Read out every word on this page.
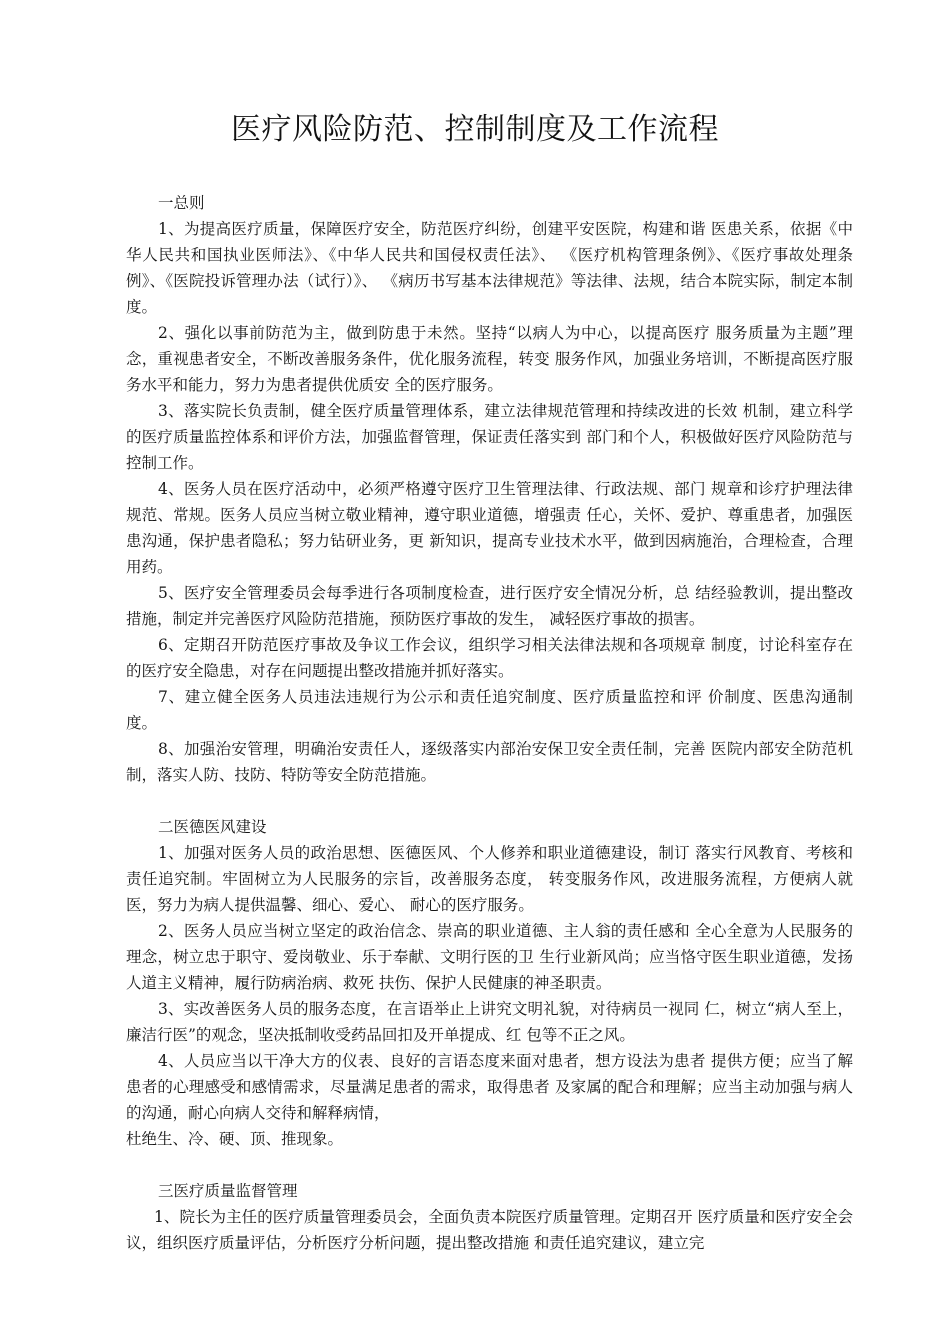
医疗风险防范、控制制度及工作流程

一总则

1、为提高医疗质量，保障医疗安全，防范医疗纠纷，创建平安医院，构建和谐 医患关系，依据《中华人民共和国执业医师法》、《中华人民共和国侵权责任法》、 《医疗机构管理条例》、《医疗事故处理条例》、《医院投诉管理办法（试行）》、 《病历书写基本法律规范》等法律、法规，结合本院实际，制定本制度。

2、强化以事前防范为主，做到防患于未然。坚持“以病人为中心，以提高医疗 服务质量为主题”理念，重视患者安全，不断改善服务条件，优化服务流程，转变 服务作风，加强业务培训，不断提高医疗服务水平和能力，努力为患者提供优质安 全的医疗服务。

3、落实院长负责制，健全医疗质量管理体系，建立法律规范管理和持续改进的长效 机制，建立科学的医疗质量监控体系和评价方法，加强监督管理，保证责任落实到 部门和个人，积极做好医疗风险防范与控制工作。

4、医务人员在医疗活动中，必须严格遵守医疗卫生管理法律、行政法规、部门 规章和诊疗护理法律规范、常规。医务人员应当树立敬业精神，遵守职业道德，增强责 任心，关怀、爱护、尊重患者，加强医患沟通，保护患者隐私；努力钻研业务，更 新知识，提高专业技术水平，做到因病施治，合理检查，合理用药。

5、医疗安全管理委员会每季进行各项制度检查，进行医疗安全情况分析，总 结经验教训，提出整改措施，制定并完善医疗风险防范措施，预防医疗事故的发生， 减轻医疗事故的损害。

6、定期召开防范医疗事故及争议工作会议，组织学习相关法律法规和各项规章 制度，讨论科室存在的医疗安全隐患，对存在问题提出整改措施并抓好落实。

7、建立健全医务人员违法违规行为公示和责任追究制度、医疗质量监控和评 价制度、医患沟通制度。

8、加强治安管理，明确治安责任人，逐级落实内部治安保卫安全责任制，完善 医院内部安全防范机制，落实人防、技防、特防等安全防范措施。

二医德医风建设

1、加强对医务人员的政治思想、医德医风、个人修养和职业道德建设，制订 落实行风教育、考核和责任追究制。牢固树立为人民服务的宗旨，改善服务态度， 转变服务作风，改进服务流程，方便病人就医，努力为病人提供温馨、细心、爱心、 耐心的医疗服务。

2、医务人员应当树立坚定的政治信念、崇高的职业道德、主人翁的责任感和 全心全意为人民服务的理念，树立忠于职守、爱岗敬业、乐于奉献、文明行医的卫 生行业新风尚；应当恪守医生职业道德，发扬人道主义精神，履行防病治病、救死 扶伤、保护人民健康的神圣职责。

3、实改善医务人员的服务态度，在言语举止上讲究文明礼貌，对待病员一视同 仁，树立“病人至上，廉洁行医”的观念，坚决抵制收受药品回扣及开单提成、红 包等不正之风。

4、人员应当以干净大方的仪表、良好的言语态度来面对患者，想方设法为患者 提供方便；应当了解患者的心理感受和感情需求，尽量满足患者的需求，取得患者 及家属的配合和理解；应当主动加强与病人的沟通，耐心向病人交待和解释病情，

杜绝生、冷、硬、顶、推现象。

三医疗质量监督管理

1、院长为主任的医疗质量管理委员会，全面负责本院医疗质量管理。定期召开 医疗质量和医疗安全会议，组织医疗质量评估，分析医疗分析问题，提出整改措施 和责任追究建议，建立完
